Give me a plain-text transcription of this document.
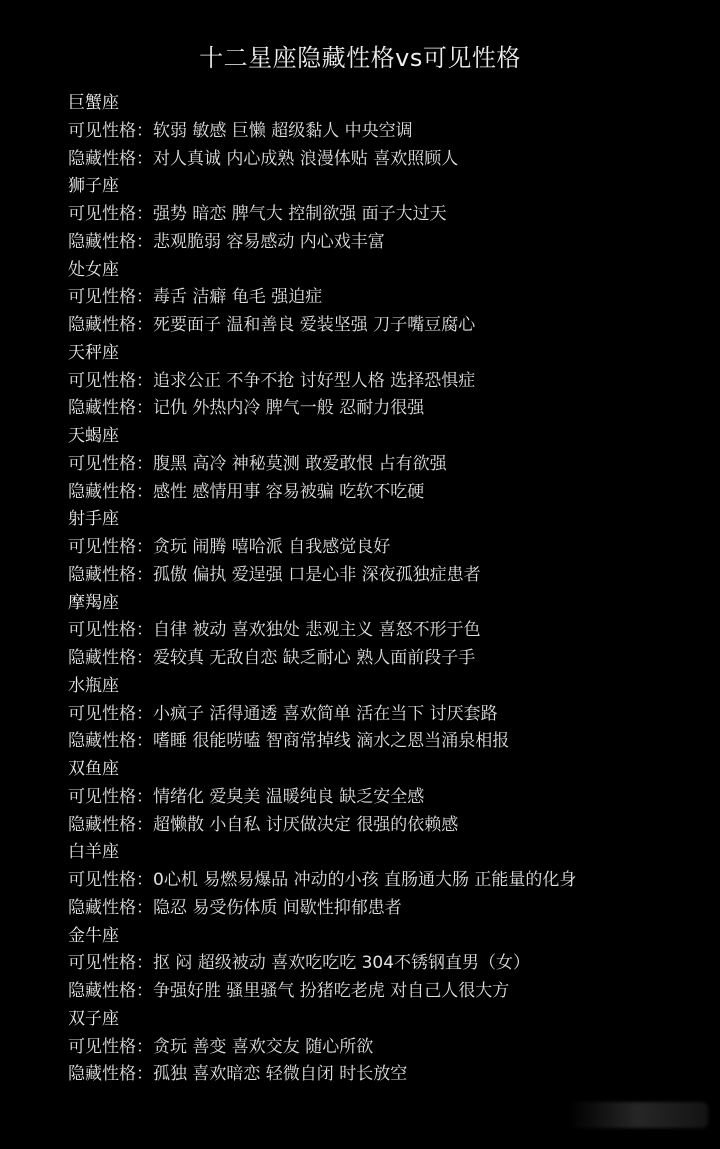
十二星座隐藏性格vs可见性格
巨蟹座
可见性格：软弱 敏感 巨懒 超级黏人 中央空调
隐藏性格：对人真诚 内心成熟 浪漫体贴 喜欢照顾人
狮子座
可见性格：强势 暗恋 脾气大 控制欲强 面子大过天
隐藏性格：悲观脆弱 容易感动 内心戏丰富
处女座
可见性格：毒舌 洁癖 龟毛 强迫症
隐藏性格：死要面子 温和善良 爱装坚强 刀子嘴豆腐心
天秤座
可见性格：追求公正 不争不抢 讨好型人格 选择恐惧症
隐藏性格：记仇 外热内冷 脾气一般 忍耐力很强
天蝎座
可见性格：腹黑 高冷 神秘莫测 敢爱敢恨 占有欲强
隐藏性格：感性 感情用事 容易被骗 吃软不吃硬
射手座
可见性格：贪玩 闹腾 嘻哈派 自我感觉良好
隐藏性格：孤傲 偏执 爱逞强 口是心非 深夜孤独症患者
摩羯座
可见性格：自律 被动 喜欢独处 悲观主义 喜怒不形于色
隐藏性格：爱较真 无敌自恋 缺乏耐心 熟人面前段子手
水瓶座
可见性格：小疯子 活得通透 喜欢简单 活在当下 讨厌套路
隐藏性格：嗜睡 很能唠嗑 智商常掉线 滴水之恩当涌泉相报
双鱼座
可见性格：情绪化 爱臭美 温暖纯良 缺乏安全感
隐藏性格：超懒散 小自私 讨厌做决定 很强的依赖感
白羊座
可见性格：0心机 易燃易爆品 冲动的小孩 直肠通大肠 正能量的化身
隐藏性格：隐忍 易受伤体质 间歇性抑郁患者
金牛座
可见性格：抠 闷 超级被动 喜欢吃吃吃 304不锈钢直男（女）
隐藏性格：争强好胜 骚里骚气 扮猪吃老虎 对自己人很大方
双子座
可见性格：贪玩 善变 喜欢交友 随心所欲
隐藏性格：孤独 喜欢暗恋 轻微自闭 时长放空
